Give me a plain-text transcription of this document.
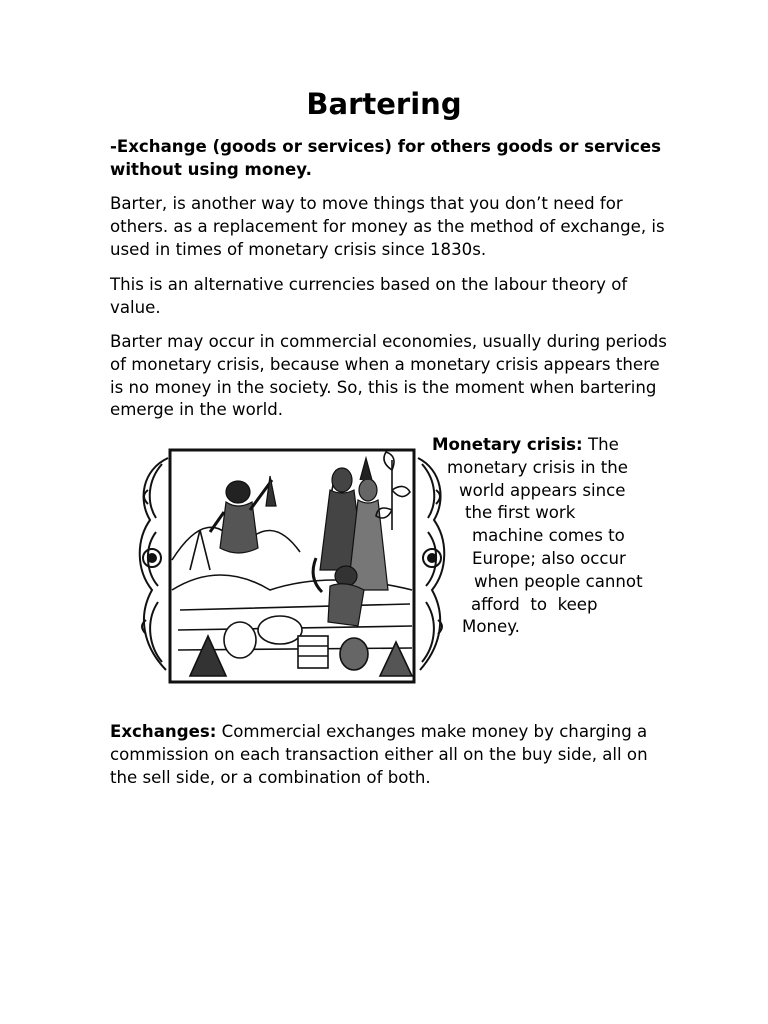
Bartering

-Exchange (goods or services) for others goods or services without using money.

Barter, is another way to move things that you don’t need for others. as a replacement for money as the method of exchange, is used in times of monetary crisis since 1830s.

This is an alternative currencies based on the labour theory of value.

Barter may occur in commercial economies, usually during periods of monetary crisis, because when a monetary crisis appears there is no money in the society. So, this is the moment when bartering emerge in the world.

Monetary crisis: The
monetary crisis in the
world appears since
the first work
machine comes to
Europe; also occur
when people cannot
afford  to  keep
Money.

Exchanges: Commercial exchanges make money by charging a commission on each transaction either all on the buy side, all on the sell side, or a combination of both.
